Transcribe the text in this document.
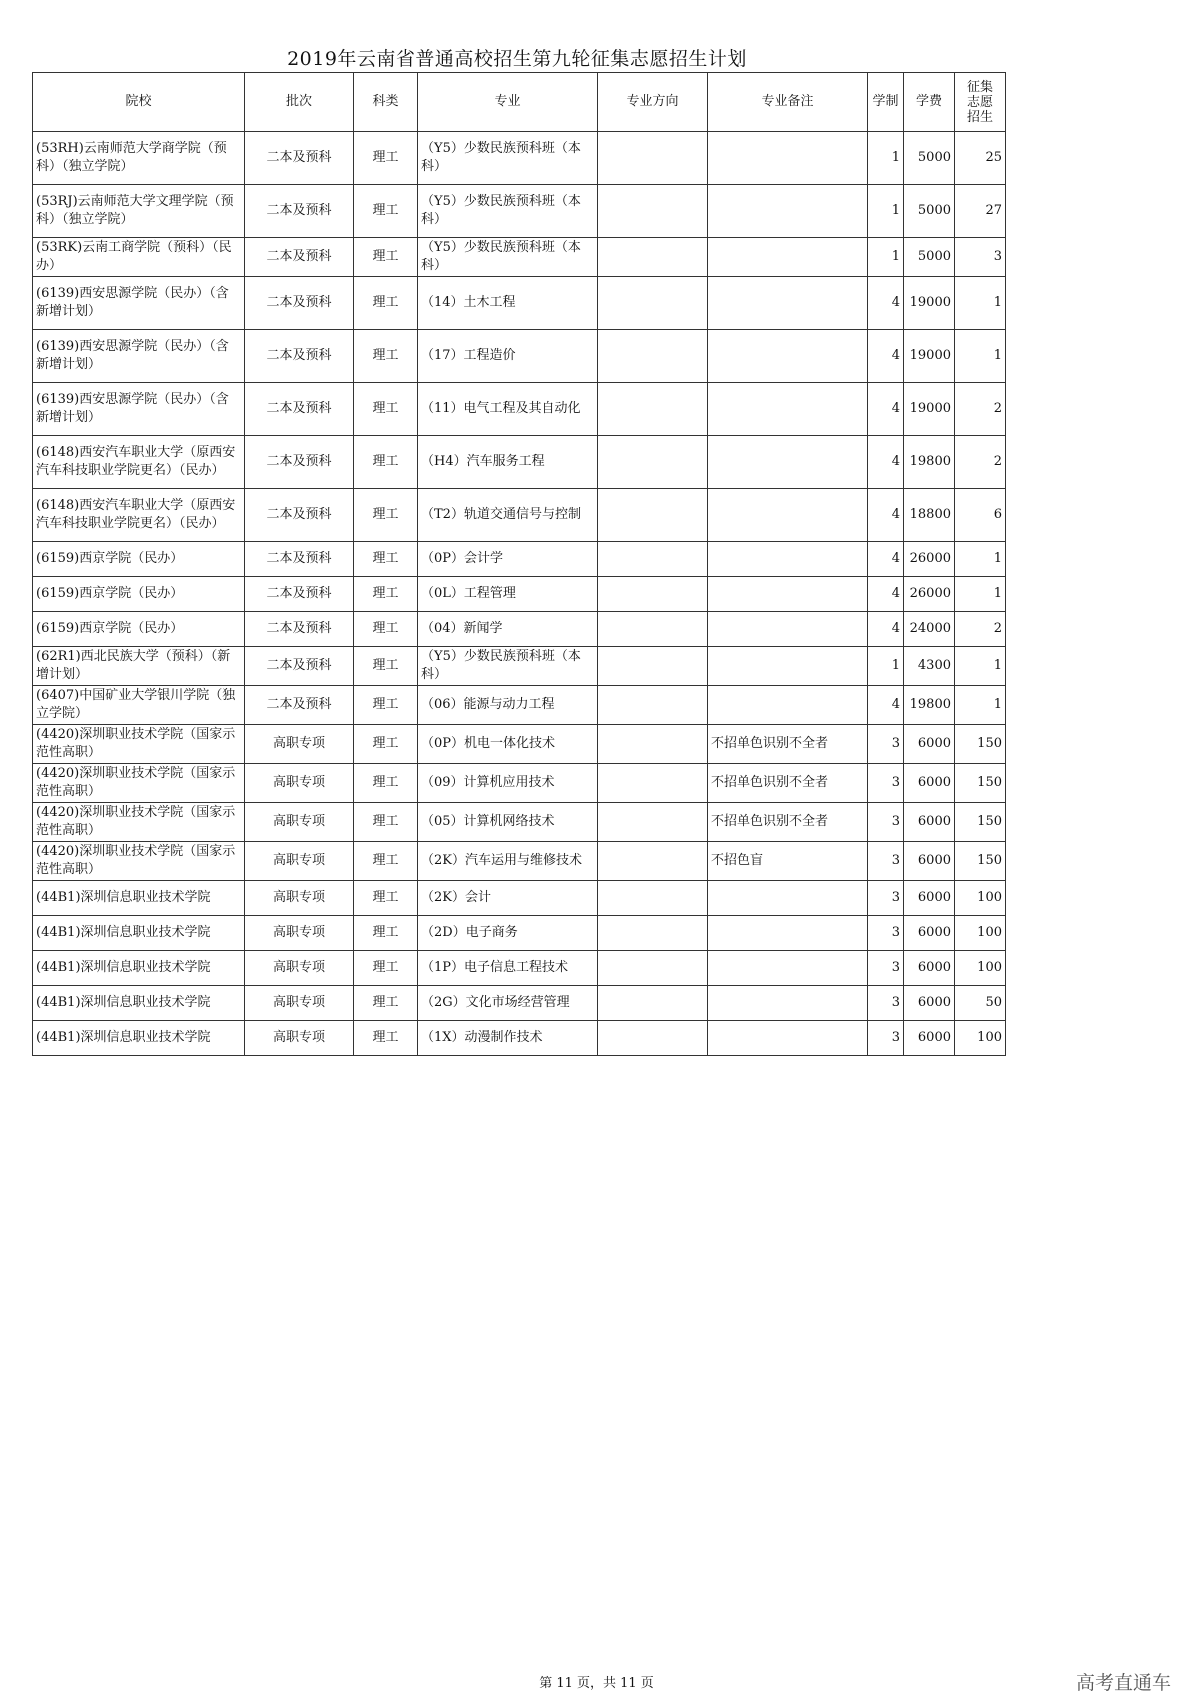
2019年云南省普通高校招生第九轮征集志愿招生计划
院校	批次	科类	专业	专业方向	专业备注	学制	学费	征集
志愿
招生

(53RH)云南师范大学商学院（预科）（独立学院）	二本及预科	理工	（Y5）少数民族预科班（本科）			1	5000	25
(53RJ)云南师范大学文理学院（预科）（独立学院）	二本及预科	理工	（Y5）少数民族预科班（本科）			1	5000	27
(53RK)云南工商学院（预科）（民办）	二本及预科	理工	（Y5）少数民族预科班（本科）			1	5000	3
(6139)西安思源学院（民办）（含新增计划）	二本及预科	理工	（14）土木工程			4	19000	1
(6139)西安思源学院（民办）（含新增计划）	二本及预科	理工	（17）工程造价			4	19000	1
(6139)西安思源学院（民办）（含新增计划）	二本及预科	理工	（11）电气工程及其自动化			4	19000	2
(6148)西安汽车职业大学（原西安汽车科技职业学院更名）（民办）	二本及预科	理工	（H4）汽车服务工程			4	19800	2
(6148)西安汽车职业大学（原西安汽车科技职业学院更名）（民办）	二本及预科	理工	（T2）轨道交通信号与控制			4	18800	6
(6159)西京学院（民办）	二本及预科	理工	（0P）会计学			4	26000	1
(6159)西京学院（民办）	二本及预科	理工	（0L）工程管理			4	26000	1
(6159)西京学院（民办）	二本及预科	理工	（04）新闻学			4	24000	2
(62R1)西北民族大学（预科）（新增计划）	二本及预科	理工	（Y5）少数民族预科班（本科）			1	4300	1
(6407)中国矿业大学银川学院（独立学院）	二本及预科	理工	（06）能源与动力工程			4	19800	1
(4420)深圳职业技术学院（国家示范性高职）	高职专项	理工	（0P）机电一体化技术		不招单色识别不全者	3	6000	150
(4420)深圳职业技术学院（国家示范性高职）	高职专项	理工	（09）计算机应用技术		不招单色识别不全者	3	6000	150
(4420)深圳职业技术学院（国家示范性高职）	高职专项	理工	（05）计算机网络技术		不招单色识别不全者	3	6000	150
(4420)深圳职业技术学院（国家示范性高职）	高职专项	理工	（2K）汽车运用与维修技术		不招色盲	3	6000	150
(44B1)深圳信息职业技术学院	高职专项	理工	（2K）会计			3	6000	100
(44B1)深圳信息职业技术学院	高职专项	理工	（2D）电子商务			3	6000	100
(44B1)深圳信息职业技术学院	高职专项	理工	（1P）电子信息工程技术			3	6000	100
(44B1)深圳信息职业技术学院	高职专项	理工	（2G）文化市场经营管理			3	6000	50
(44B1)深圳信息职业技术学院	高职专项	理工	（1X）动漫制作技术			3	6000	100
第 11 页，共 11 页	高考直通车
